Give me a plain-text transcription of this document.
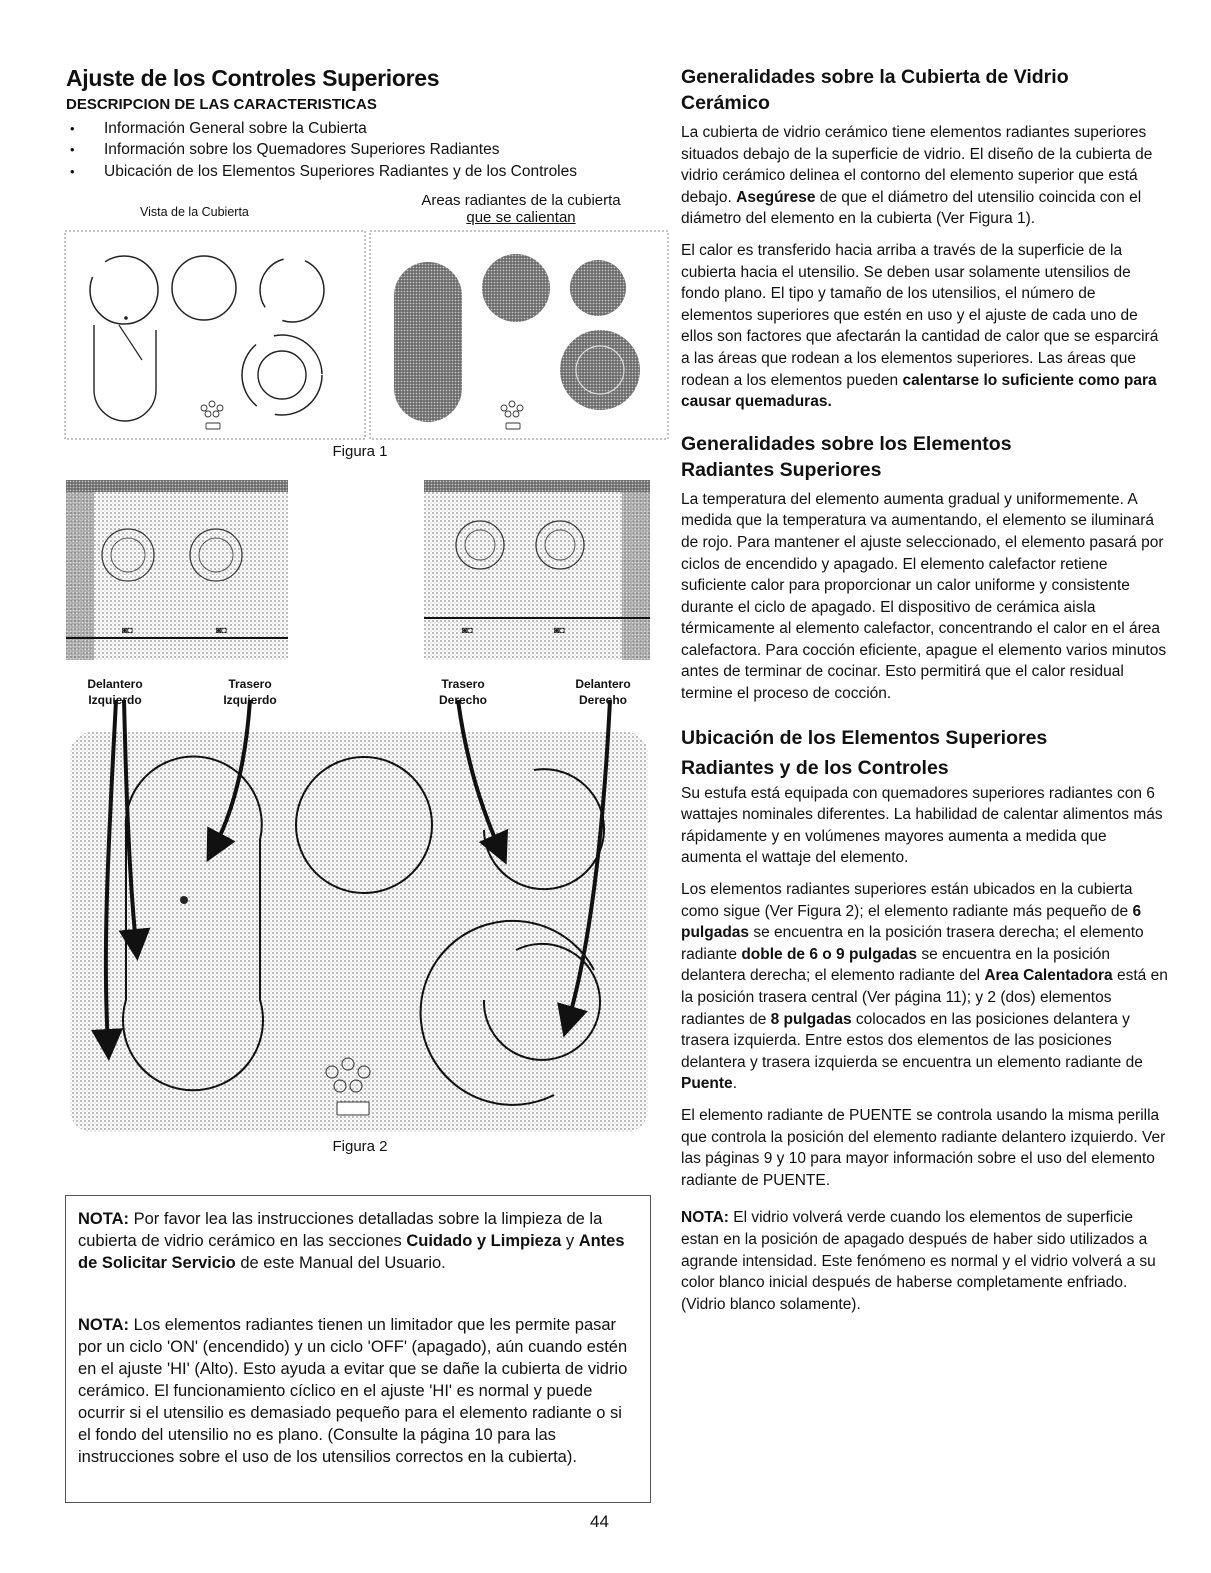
Ajuste de los Controles Superiores
DESCRIPCION DE LAS CARACTERISTICAS
• Información General sobre la Cubierta
• Información sobre los Quemadores Superiores Radiantes
• Ubicación de los Elementos Superiores Radiantes y de los Controles
Vista de la Cubierta
Areas radiantes de la cubierta
que se calientan
Figura 1
◙◘	◙◘	◙◘	◙◘
Delantero
Izquierdo
Trasero
Izquierdo
Trasero
Derecho
Delantero
Derecho
Figura 2
NOTA: Por favor lea las instrucciones detalladas sobre la limpieza de la cubierta de vidrio cerámico en las secciones Cuidado y Limpieza y Antes de Solicitar Servicio de este Manual del Usuario.
NOTA: Los elementos radiantes tienen un limitador que les permite pasar por un ciclo 'ON' (encendido) y un ciclo 'OFF' (apagado), aún cuando estén en el ajuste 'HI' (Alto). Esto ayuda a evitar que se dañe la cubierta de vidrio cerámico. El funcionamiento cíclico en el ajuste 'HI' es normal y puede ocurrir si el utensilio es demasiado pequeño para el elemento radiante o si el fondo del utensilio no es plano. (Consulte la página 10 para las instrucciones sobre el uso de los utensilios correctos en la cubierta).
44
Generalidades sobre la Cubierta de Vidrio
Cerámico
La cubierta de vidrio cerámico tiene elementos radiantes superiores situados debajo de la superficie de vidrio. El diseño de la cubierta de vidrio cerámico delinea el contorno del elemento superior que está debajo. Asegúrese de que el diámetro del utensilio coincida con el diámetro del elemento en la cubierta (Ver Figura 1).
El calor es transferido hacia arriba a través de la superficie de la cubierta hacia el utensilio. Se deben usar solamente utensilios de fondo plano. El tipo y tamaño de los utensilios, el número de elementos superiores que estén en uso y el ajuste de cada uno de ellos son factores que afectarán la cantidad de calor que se esparcirá a las áreas que rodean a los elementos superiores. Las áreas que rodean a los elementos pueden calentarse lo suficiente como para causar quemaduras.
Generalidades sobre los Elementos
Radiantes Superiores
La temperatura del elemento aumenta gradual y uniformemente. A medida que la temperatura va aumentando, el elemento se iluminará de rojo. Para mantener el ajuste seleccionado, el elemento pasará por ciclos de encendido y apagado. El elemento calefactor retiene suficiente calor para proporcionar un calor uniforme y consistente durante el ciclo de apagado. El dispositivo de cerámica aisla térmicamente al elemento calefactor, concentrando el calor en el área calefactora. Para cocción eficiente, apague el elemento varios minutos antes de terminar de cocinar. Esto permitirá que el calor residual termine el proceso de cocción.
Ubicación de los Elementos Superiores
Radiantes y de los Controles
Su estufa está equipada con quemadores superiores radiantes con 6 wattajes nominales diferentes. La habilidad de calentar alimentos más rápidamente y en volúmenes mayores aumenta a medida que aumenta el wattaje del elemento.
Los elementos radiantes superiores están ubicados en la cubierta como sigue (Ver Figura 2); el elemento radiante más pequeño de 6 pulgadas se encuentra en la posición trasera derecha; el elemento radiante doble de 6 o 9 pulgadas se encuentra en la posición delantera derecha; el elemento radiante del Area Calentadora está en la posición trasera central (Ver página 11); y 2 (dos) elementos radiantes de 8 pulgadas colocados en las posiciones delantera y trasera izquierda. Entre estos dos elementos de las posiciones delantera y trasera izquierda se encuentra un elemento radiante de Puente.
El elemento radiante de PUENTE se controla usando la misma perilla que controla la posición del elemento radiante delantero izquierdo. Ver las páginas 9 y 10 para mayor información sobre el uso del elemento radiante de PUENTE.
NOTA: El vidrio volverá verde cuando los elementos de superficie estan en la posición de apagado después de haber sido utilizados a agrande intensidad. Este fenómeno es normal y el vidrio volverá a su color blanco inicial después de haberse completamente enfriado. (Vidrio blanco solamente).
